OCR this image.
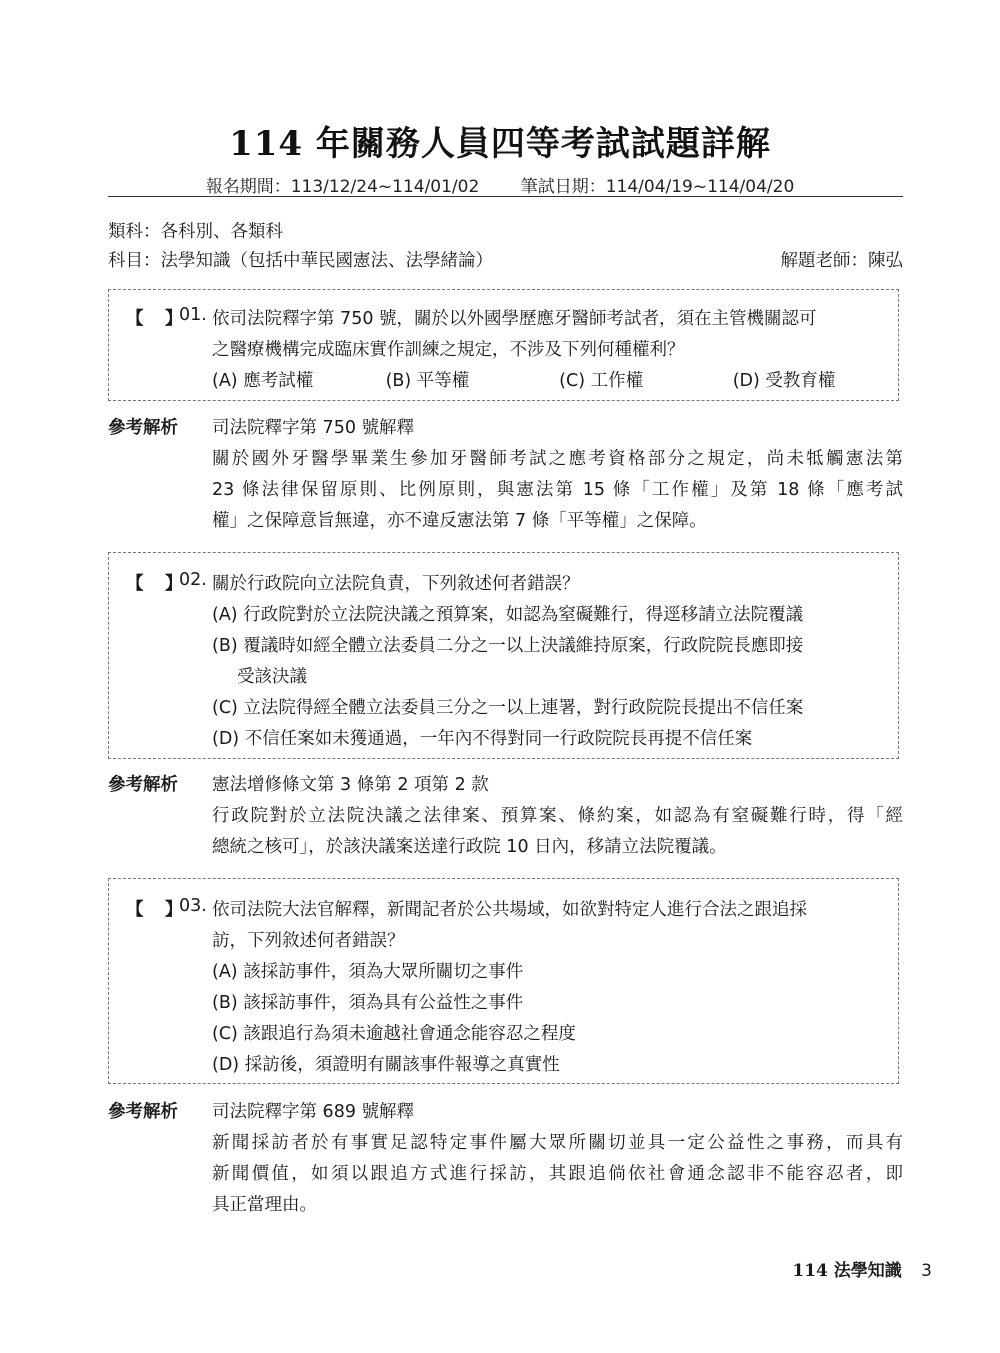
114 年關務人員四等考試試題詳解
報名期間：113/12/24~114/01/02 筆試日期：114/04/19~114/04/20
類科：各科別、各類科
科目：法學知識（包括中華民國憲法、法學緒論）	解題老師：陳弘
【 】
01. 依司法院釋字第 750 號，關於以外國學歷應牙醫師考試者，須在主管機關認可
之醫療機構完成臨床實作訓練之規定，不涉及下列何種權利？
(A) 應考試權	(B) 平等權	(C) 工作權	(D) 受教育權
參考解析 司法院釋字第 750 號解釋
關於國外牙醫學畢業生參加牙醫師考試之應考資格部分之規定，尚未牴觸憲法第
23 條法律保留原則、比例原則，與憲法第 15 條「工作權」及第 18 條「應考試
權」之保障意旨無違，亦不違反憲法第 7 條「平等權」之保障。
【 】
02. 關於行政院向立法院負責，下列敘述何者錯誤？
(A) 行政院對於立法院決議之預算案，如認為窒礙難行，得逕移請立法院覆議
(B) 覆議時如經全體立法委員二分之一以上決議維持原案，行政院院長應即接
受該決議
(C) 立法院得經全體立法委員三分之一以上連署，對行政院院長提出不信任案
(D) 不信任案如未獲通過，一年內不得對同一行政院院長再提不信任案
參考解析 憲法增修條文第 3 條第 2 項第 2 款
行政院對於立法院決議之法律案、預算案、條約案，如認為有窒礙難行時，得「經
總統之核可」，於該決議案送達行政院 10 日內，移請立法院覆議。
【 】
03. 依司法院大法官解釋，新聞記者於公共場域，如欲對特定人進行合法之跟追採
訪，下列敘述何者錯誤？
(A) 該採訪事件，須為大眾所關切之事件
(B) 該採訪事件，須為具有公益性之事件
(C) 該跟追行為須未逾越社會通念能容忍之程度
(D) 採訪後，須證明有關該事件報導之真實性
參考解析 司法院釋字第 689 號解釋
新聞採訪者於有事實足認特定事件屬大眾所關切並具一定公益性之事務，而具有
新聞價值，如須以跟追方式進行採訪，其跟追倘依社會通念認非不能容忍者，即
具正當理由。
114 法學知識 3
